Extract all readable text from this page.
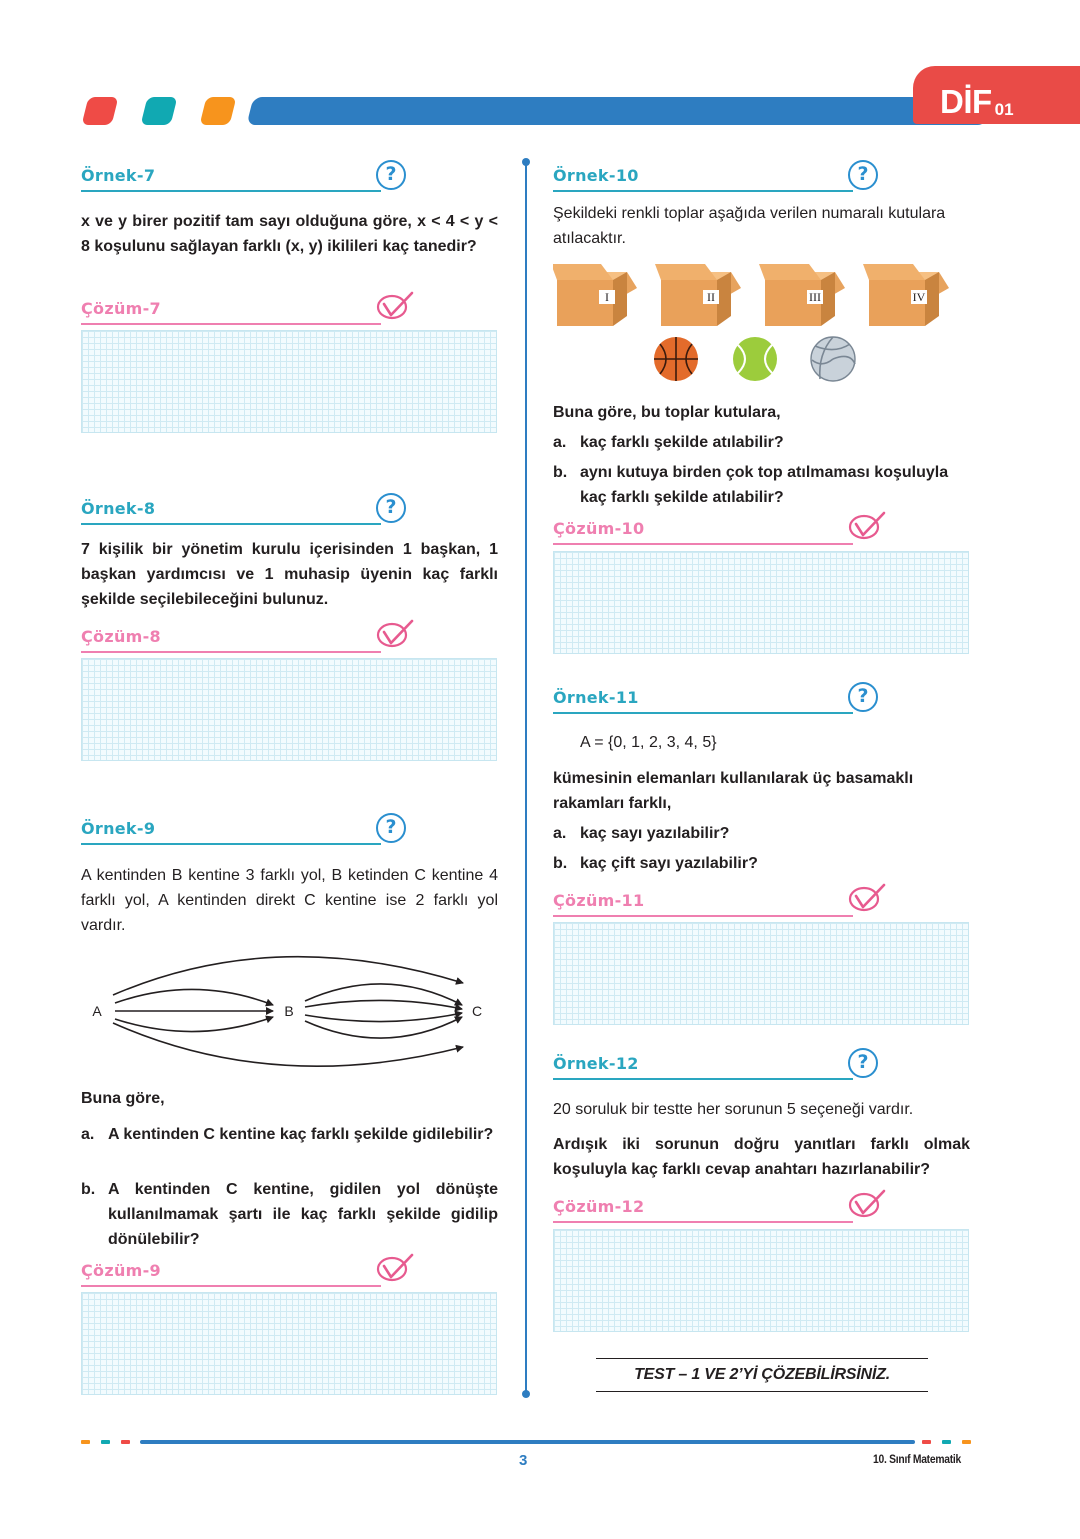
DİF 01
Örnek-7	?
x ve y birer pozitif tam sayı olduğuna göre, x < 4 < y < 8 koşulunu sağlayan farklı (x, y) ikilileri kaç tanedir?
Çözüm-7
Örnek-8	?
7 kişilik bir yönetim kurulu içerisinden 1 başkan, 1 başkan yardımcısı ve 1 muhasip üyenin kaç farklı şekilde seçilebileceğini bulunuz.
Çözüm-8
Örnek-9	?
A kentinden B kentine 3 farklı yol, B ketinden C kentine 4 farklı yol, A kentinden direkt C kentine ise 2 farklı yol vardır.
A	B	C
Buna göre,
a. A kentinden C kentine kaç farklı şekilde gidilebilir?
b. A kentinden C kentine, gidilen yol dönüşte kullanılmamak şartı ile kaç farklı şekilde gidilip dönülebilir?
Çözüm-9
Örnek-10	?
Şekildeki renkli toplar aşağıda verilen numaralı kutulara atılacaktır.
I	II	III	IV
Buna göre, bu toplar kutulara,
a. kaç farklı şekilde atılabilir?
b. aynı kutuya birden çok top atılmaması koşuluyla kaç farklı şekilde atılabilir?
Çözüm-10
Örnek-11	?
A = {0, 1, 2, 3, 4, 5}
kümesinin elemanları kullanılarak üç basamaklı rakamları farklı,
a. kaç sayı yazılabilir?
b. kaç çift sayı yazılabilir?
Çözüm-11
Örnek-12	?
20 soruluk bir testte her sorunun 5 seçeneği vardır.
Ardışık iki sorunun doğru yanıtları farklı olmak koşuluyla kaç farklı cevap anahtarı hazırlanabilir?
Çözüm-12
TEST – 1 VE 2’Yİ ÇÖZEBİLİRSİNİZ.
3	10. Sınıf Matematik
